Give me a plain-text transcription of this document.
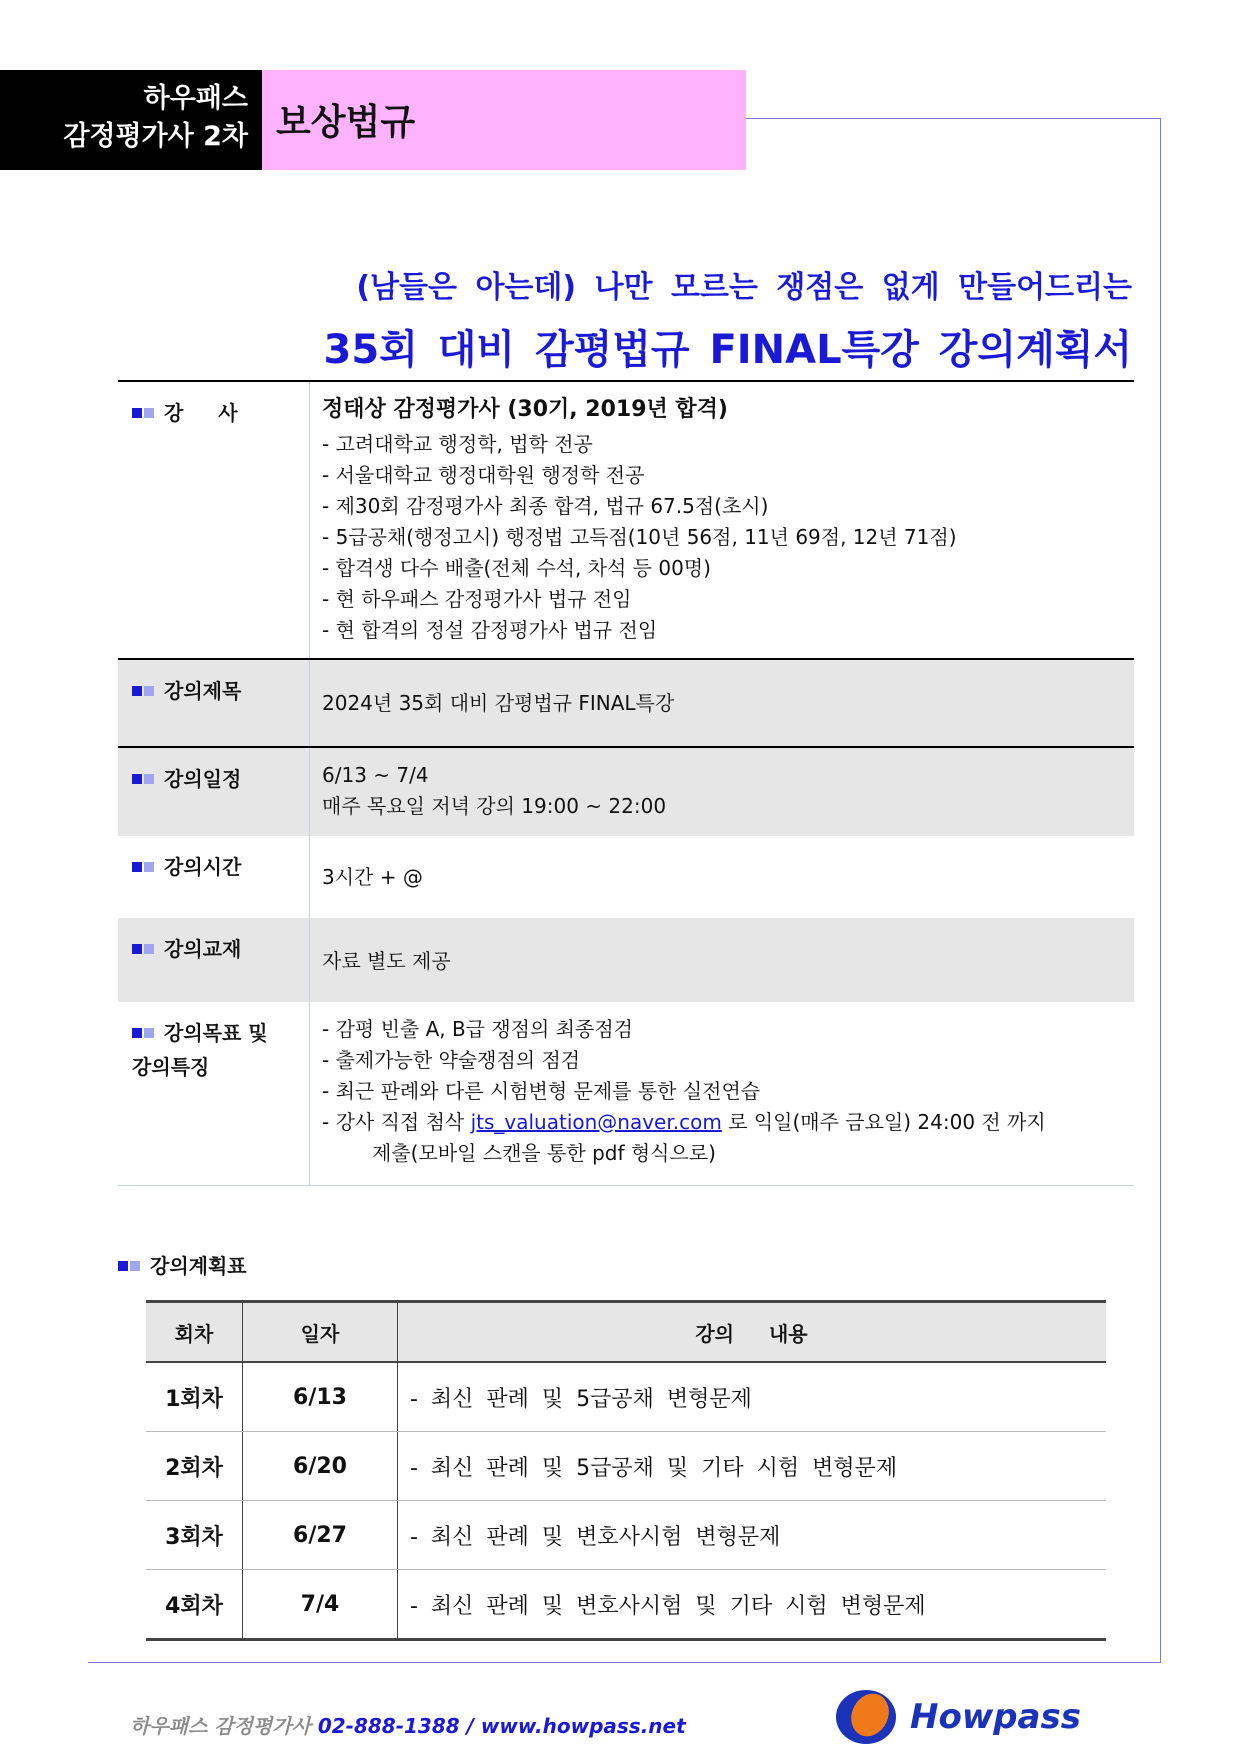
하우패스
감정평가사 2차 보상법규
(남들은 아는데) 나만 모르는 쟁점은 없게 만들어드리는
35회 대비 감평법규 FINAL특강 강의계획서
강 사	정태상 감정평가사 (30기, 2019년 합격)
- 고려대학교 행정학, 법학 전공
- 서울대학교 행정대학원 행정학 전공
- 제30회 감정평가사 최종 합격, 법규 67.5점(초시)
- 5급공채(행정고시) 행정법 고득점(10년 56점, 11년 69점, 12년 71점)
- 합격생 다수 배출(전체 수석, 차석 등 00명)
- 현 하우패스 감정평가사 법규 전임
- 현 합격의 정설 감정평가사 법규 전임
강의제목	2024년 35회 대비 감평법규 FINAL특강
강의일정	6/13 ~ 7/4
매주 목요일 저녁 강의 19:00 ~ 22:00
강의시간	3시간 + @
강의교재	자료 별도 제공
강의목표 및
강의특징
- 감평 빈출 A, B급 쟁점의 최종점검
- 출제가능한 약술쟁점의 점검
- 최근 판례와 다른 시험변형 문제를 통한 실전연습
- 강사 직접 첨삭 jts_valuation@naver.com 로 익일(매주 금요일) 24:00 전 까지
제출(모바일 스캔을 통한 pdf 형식으로)
강의계획표
회차	일자	강의 내용
1회차	6/13	- 최신 판례 및 5급공채 변형문제
2회차	6/20	- 최신 판례 및 5급공채 및 기타 시험 변형문제
3회차	6/27	- 최신 판례 및 변호사시험 변형문제
4회차	7/4	- 최신 판례 및 변호사시험 및 기타 시험 변형문제
하우패스 감정평가사 02-888-1388 / www.howpass.net	Howpass
